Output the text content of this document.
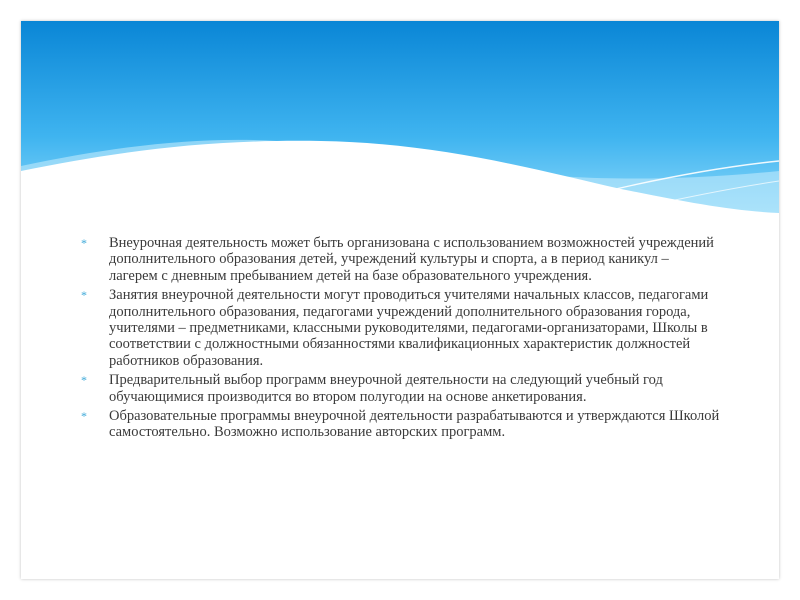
* Внеурочная деятельность может быть организована с использованием возможностей учреждений дополнительного образования детей, учреждений культуры и спорта, а в период каникул – лагерем с дневным пребыванием детей на базе образовательного учреждения.
* Занятия внеурочной деятельности могут проводиться учителями начальных классов, педагогами дополнительного образования, педагогами учреждений дополнительного образования города, учителями – предметниками, классными руководителями, педагогами-организаторами, Школы в соответствии с должностными обязанностями квалификационных характеристик должностей работников образования.
* Предварительный выбор программ внеурочной деятельности на следующий учебный год обучающимися производится во втором полугодии на основе анкетирования.
* Образовательные программы внеурочной деятельности разрабатываются и утверждаются Школой самостоятельно. Возможно использование авторских программ.
